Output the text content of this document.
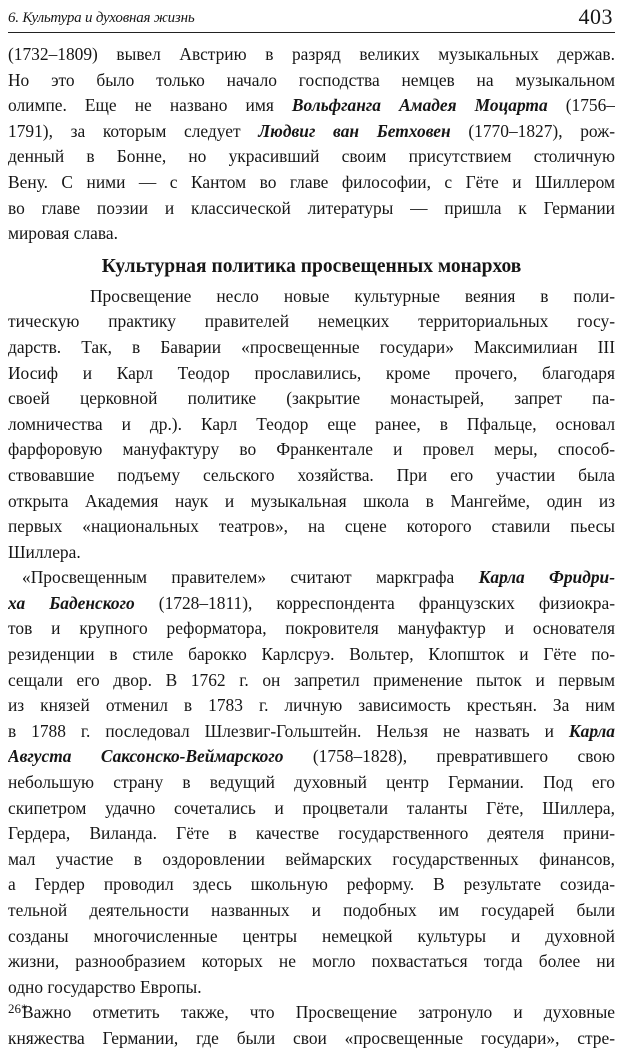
6. Культура и духовная жизнь	403
(1732–1809) вывел Австрию в разряд великих музыкальных держав.
Но это было только начало господства немцев на музыкальном
олимпе. Еще не названо имя Вольфганга Амадея Моцарта (1756–
1791), за которым следует Людвиг ван Бетховен (1770–1827), рож-
денный в Бонне, но украсивший своим присутствием столичную
Вену. С ними — с Кантом во главе философии, с Гёте и Шиллером
во главе поэзии и классической литературы — пришла к Германии
мировая слава.
Культурная политика просвещенных монархов
Просвещение несло новые культурные веяния в поли-
тическую практику правителей немецких территориальных госу-
дарств. Так, в Баварии «просвещенные государи» Максимилиан III
Иосиф и Карл Теодор прославились, кроме прочего, благодаря
своей церковной политике (закрытие монастырей, запрет па-
ломничества и др.). Карл Теодор еще ранее, в Пфальце, основал
фарфоровую мануфактуру во Франкентале и провел меры, способ-
ствовавшие подъему сельского хозяйства. При его участии была
открыта Академия наук и музыкальная школа в Мангейме, один из
первых «национальных театров», на сцене которого ставили пьесы
Шиллера.
«Просвещенным правителем» считают маркграфа Карла Фридри-
ха Баденского (1728–1811), корреспондента французских физиокра-
тов и крупного реформатора, покровителя мануфактур и основателя
резиденции в стиле барокко Карлсруэ. Вольтер, Клопшток и Гёте по-
сещали его двор. В 1762 г. он запретил применение пыток и первым
из князей отменил в 1783 г. личную зависимость крестьян. За ним
в 1788 г. последовал Шлезвиг-Гольштейн. Нельзя не назвать и Карла
Августа Саксонско-Веймарского (1758–1828), превратившего свою
небольшую страну в ведущий духовный центр Германии. Под его
скипетром удачно сочетались и процветали таланты Гёте, Шиллера,
Гердера, Виланда. Гёте в качестве государственного деятеля прини-
мал участие в оздоровлении веймарских государственных финансов,
а Гердер проводил здесь школьную реформу. В результате созида-
тельной деятельности названных и подобных им государей были
созданы многочисленные центры немецкой культуры и духовной
жизни, разнообразием которых не могло похвастаться тогда более ни
одно государство Европы.
Важно отметить также, что Просвещение затронуло и духовные
княжества Германии, где были свои «просвещенные государи», стре-
26*
